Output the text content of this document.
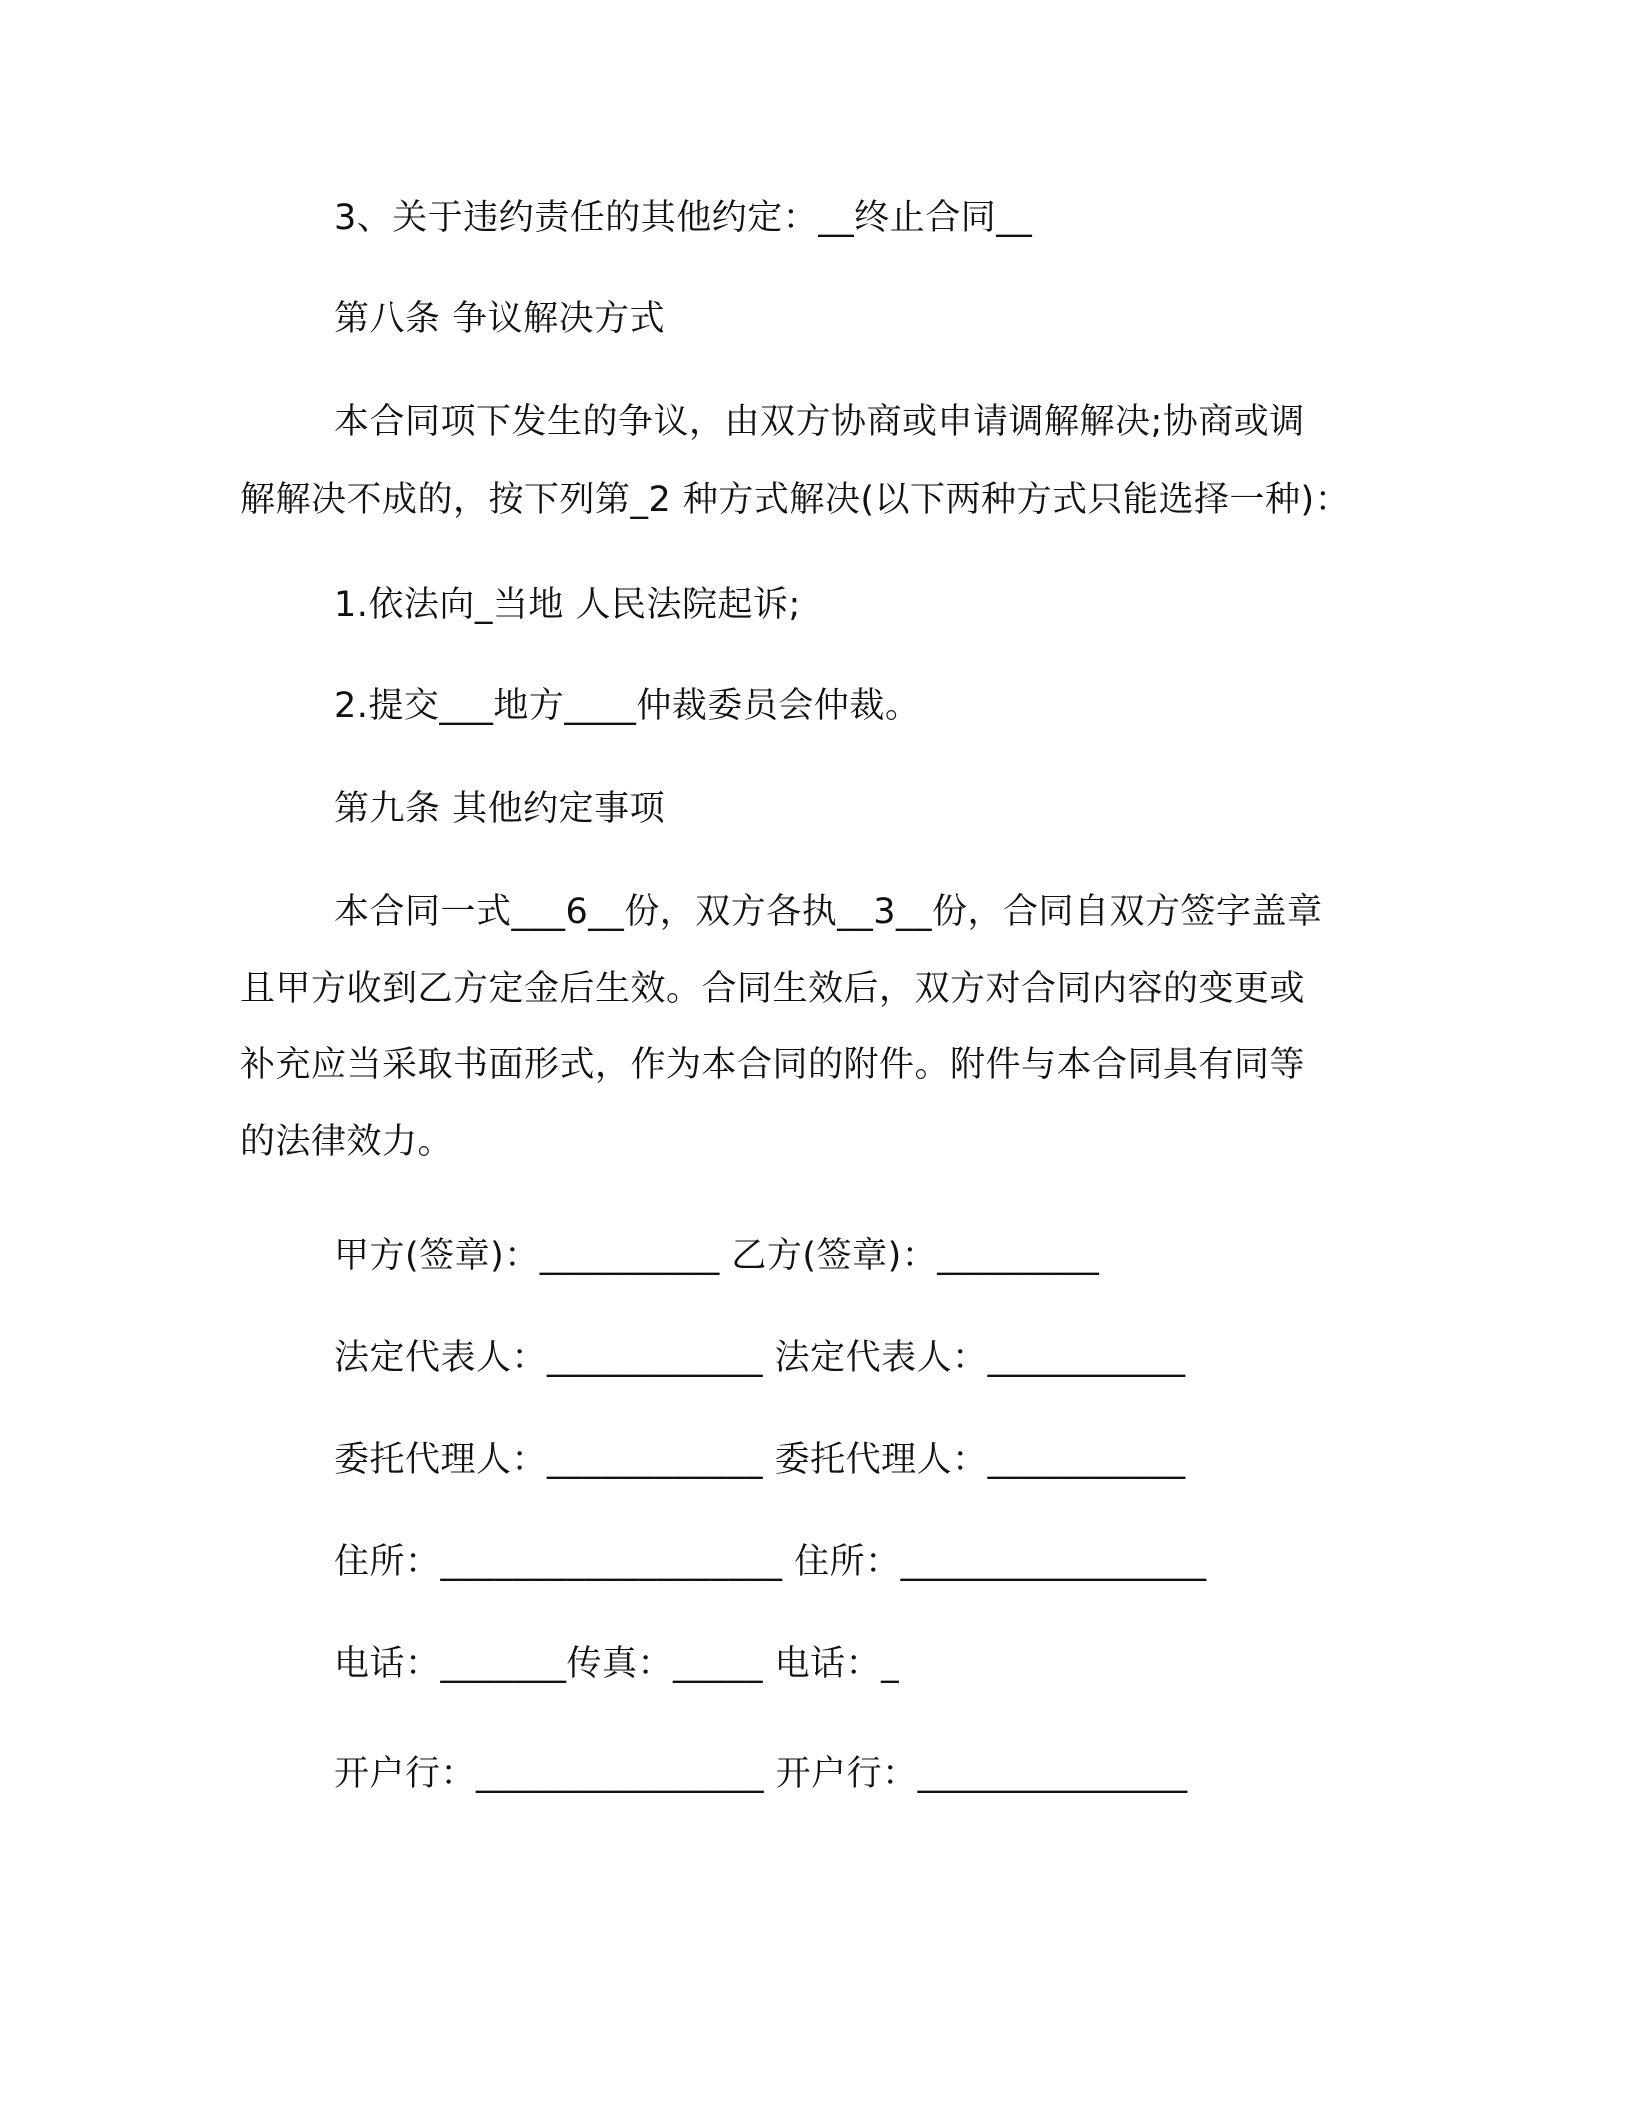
3、关于违约责任的其他约定：__终止合同__
第八条 争议解决方式
本合同项下发生的争议，由双方协商或申请调解解决;协商或调
解解决不成的，按下列第_2 种方式解决(以下两种方式只能选择一种)：
1.依法向_当地 人民法院起诉;
2.提交___地方____仲裁委员会仲裁。
第九条 其他约定事项
本合同一式___6__份，双方各执__3__份，合同自双方签字盖章
且甲方收到乙方定金后生效。合同生效后，双方对合同内容的变更或
补充应当采取书面形式，作为本合同的附件。附件与本合同具有同等
的法律效力。
甲方(签章)：__________ 乙方(签章)：_________
法定代表人：____________ 法定代表人：___________
委托代理人：____________ 委托代理人：___________
住所：___________________ 住所：_________________
电话：_______传真：_____ 电话：_
开户行：________________ 开户行：_______________
